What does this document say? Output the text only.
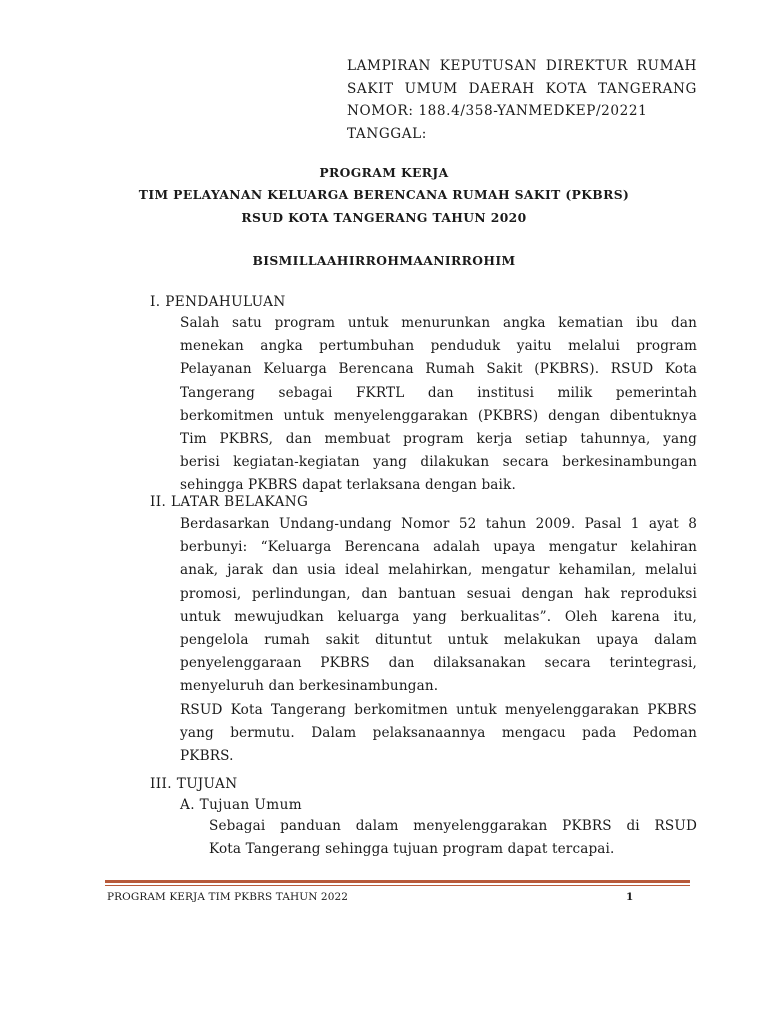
LAMPIRAN KEPUTUSAN DIREKTUR RUMAH
SAKIT UMUM DAERAH KOTA TANGERANG
NOMOR: 188.4/358-YANMEDKEP/20221
TANGGAL:
PROGRAM KERJA
TIM PELAYANAN KELUARGA BERENCANA RUMAH SAKIT (PKBRS)
RSUD KOTA TANGERANG TAHUN 2020
BISMILLAAHIRROHMAANIRROHIM
I. PENDAHULUAN
Salah satu program untuk menurunkan angka kematian ibu dan
menekan angka pertumbuhan penduduk yaitu melalui program
Pelayanan Keluarga Berencana Rumah Sakit (PKBRS). RSUD Kota
Tangerang sebagai FKRTL dan institusi milik pemerintah
berkomitmen untuk menyelenggarakan (PKBRS) dengan dibentuknya
Tim PKBRS, dan membuat program kerja setiap tahunnya, yang
berisi kegiatan-kegiatan yang dilakukan secara berkesinambungan
sehingga PKBRS dapat terlaksana dengan baik.
II. LATAR BELAKANG
Berdasarkan Undang-undang Nomor 52 tahun 2009. Pasal 1 ayat 8
berbunyi: “Keluarga Berencana adalah upaya mengatur kelahiran
anak, jarak dan usia ideal melahirkan, mengatur kehamilan, melalui
promosi, perlindungan, dan bantuan sesuai dengan hak reproduksi
untuk mewujudkan keluarga yang berkualitas”. Oleh karena itu,
pengelola rumah sakit dituntut untuk melakukan upaya dalam
penyelenggaraan PKBRS dan dilaksanakan secara terintegrasi,
menyeluruh dan berkesinambungan.
RSUD Kota Tangerang berkomitmen untuk menyelenggarakan PKBRS
yang bermutu. Dalam pelaksanaannya mengacu pada Pedoman
PKBRS.
III. TUJUAN
A. Tujuan Umum
Sebagai panduan dalam menyelenggarakan PKBRS di RSUD
Kota Tangerang sehingga tujuan program dapat tercapai.
PROGRAM KERJA TIM PKBRS TAHUN 2022	1
